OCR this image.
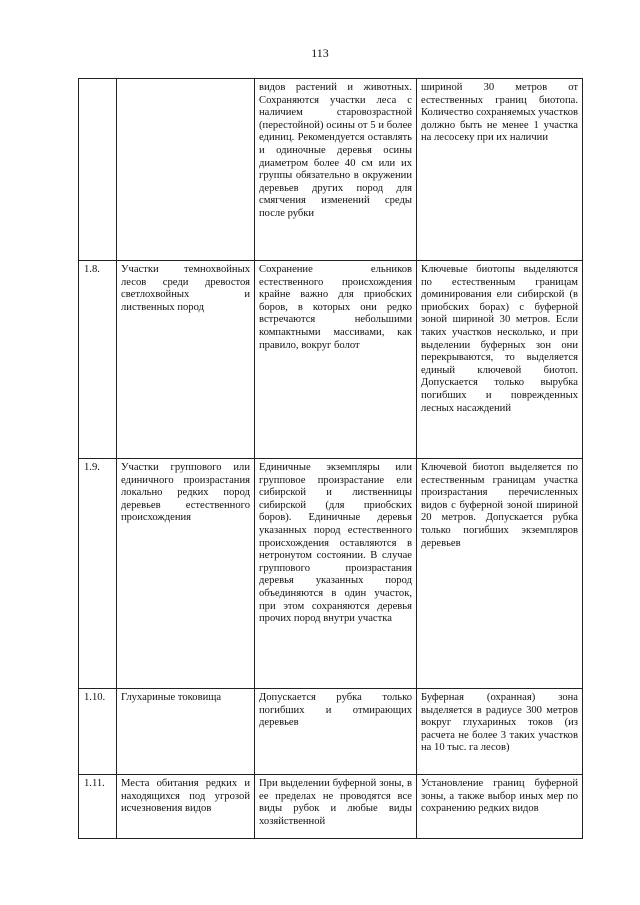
113
		видов растений и животных. Сохраняются участки леса с наличием старовозрастной (перестойной) осины от 5 и более единиц. Рекомендуется оставлять и одиночные деревья осины диаметром более 40 см или их группы обязательно в окружении деревьев других пород для смягчения изменений среды после рубки	шириной 30 метров от естественных границ биотопа. Количество сохраняемых участков должно быть не менее 1 участка на лесосеку при их наличии
1.8.	Участки темнохвойных лесов среди древостоя светлохвойных и лиственных пород	Сохранение ельников естественного происхождения крайне важно для приобских боров, в которых они редко встречаются небольшими компактными массивами, как правило, вокруг болот	Ключевые биотопы выделяются по естественным границам доминирования ели сибирской (в приобских борах) с буферной зоной шириной 30 метров. Если таких участков несколько, и при выделении буферных зон они перекрываются, то выделяется единый ключевой биотоп. Допускается только вырубка погибших и поврежденных лесных насаждений
1.9.	Участки группового или единичного произрастания локально редких пород деревьев естественного происхождения	Единичные экземпляры или групповое произрастание ели сибирской и лиственницы сибирской (для приобских боров). Единичные деревья указанных пород естественного происхождения оставляются в нетронутом состоянии. В случае группового произрастания деревья указанных пород объединяются в один участок, при этом сохраняются деревья прочих пород внутри участка	Ключевой биотоп выделяется по естественным границам участка произрастания перечисленных видов с буферной зоной шириной 20 метров. Допускается рубка только погибших экземпляров деревьев
1.10.	Глухариные токовища	Допускается рубка только погибших и отмирающих деревьев	Буферная (охранная) зона выделяется в радиусе 300 метров вокруг глухариных токов (из расчета не более 3 таких участков на 10 тыс. га лесов)
1.11.	Места обитания редких и находящихся под угрозой исчезновения видов	При выделении буферной зоны, в ее пределах не проводятся все виды рубок и любые виды хозяйственной	Установление границ буферной зоны, а также выбор иных мер по сохранению редких видов
